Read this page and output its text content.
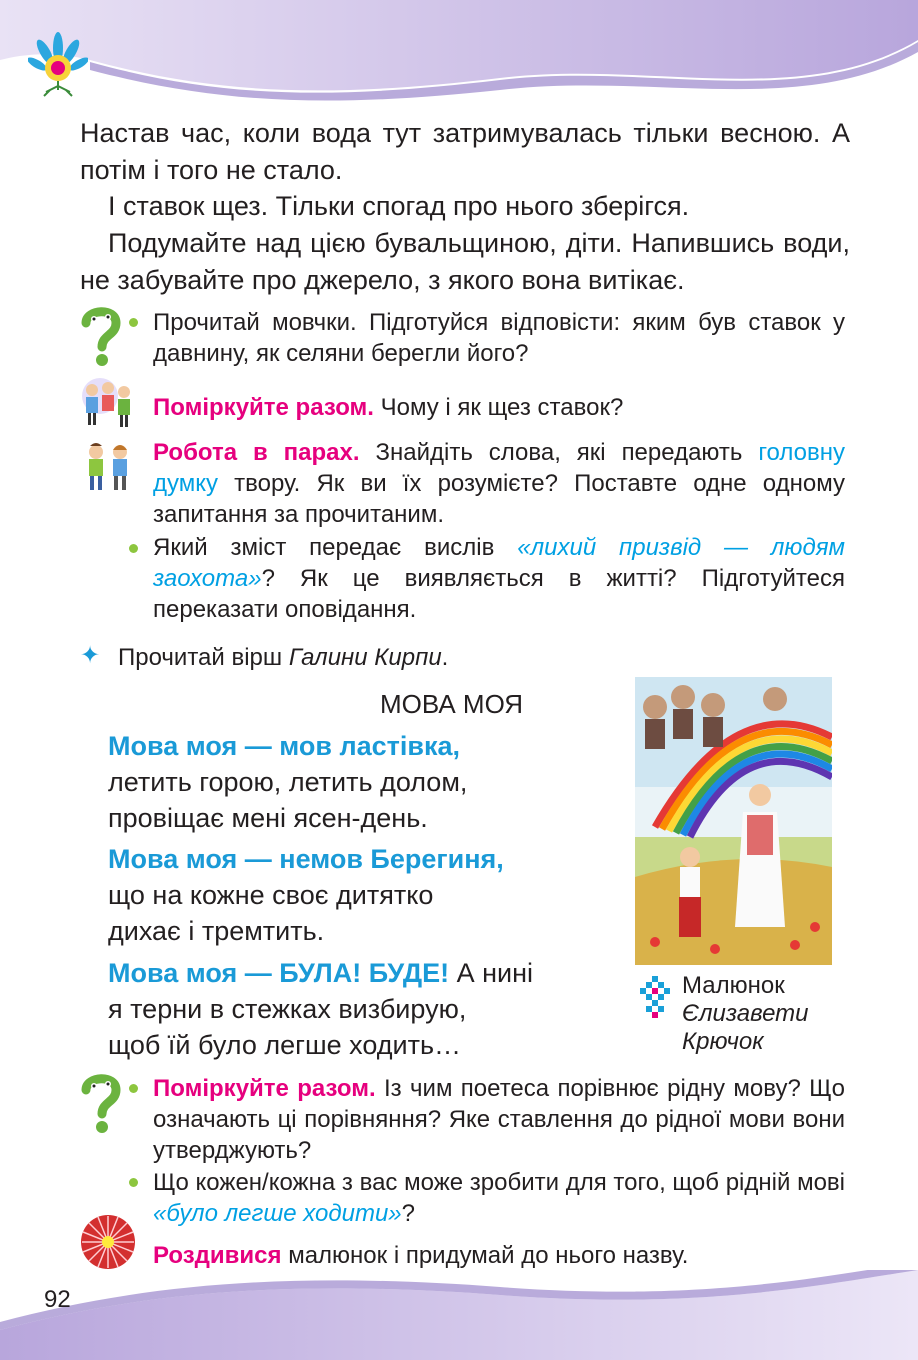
Настав час, коли вода тут затримувалась тільки весною. А потім і того не стало.

І ставок щез. Тільки спогад про нього зберігся.

Подумайте над цією бувальщиною, діти. Напившись води, не забувайте про джерело, з якого вона витікає.

Прочитай мовчки. Підготуйся відповісти: яким був ставок у давнину, як селяни берегли його?

Поміркуйте разом. Чому і як щез ставок?

Робота в парах. Знайдіть слова, які передають головну думку твору. Як ви їх розумієте? Поставте одне одному запитання за прочитаним.

Який зміст передає вислів «лихий призвід — людям заохота»? Як це виявляється в житті? Підготуйтеся переказати оповідання.

✦ Прочитай вірш Галини Кирпи.

МОВА МОЯ

Мова моя — мов ластівка,
летить горою, летить долом,
провіщає мені ясен-день.

Мова моя — немов Берегиня,
що на кожне своє дитятко
дихає і тремтить.

Мова моя — БУЛА! БУДЕ! А нині
я терни в стежках визбирую,
щоб їй було легше ходить…

Малюнок
Єлизавети
Крючок

Поміркуйте разом. Із чим поетеса порівнює рідну мову? Що означають ці порівняння? Яке ставлення до рідної мови вони утверджують?

Що кожен/кожна з вас може зробити для того, щоб рідній мові «було легше ходити»?

Роздивися малюнок і придумай до нього назву.

92
